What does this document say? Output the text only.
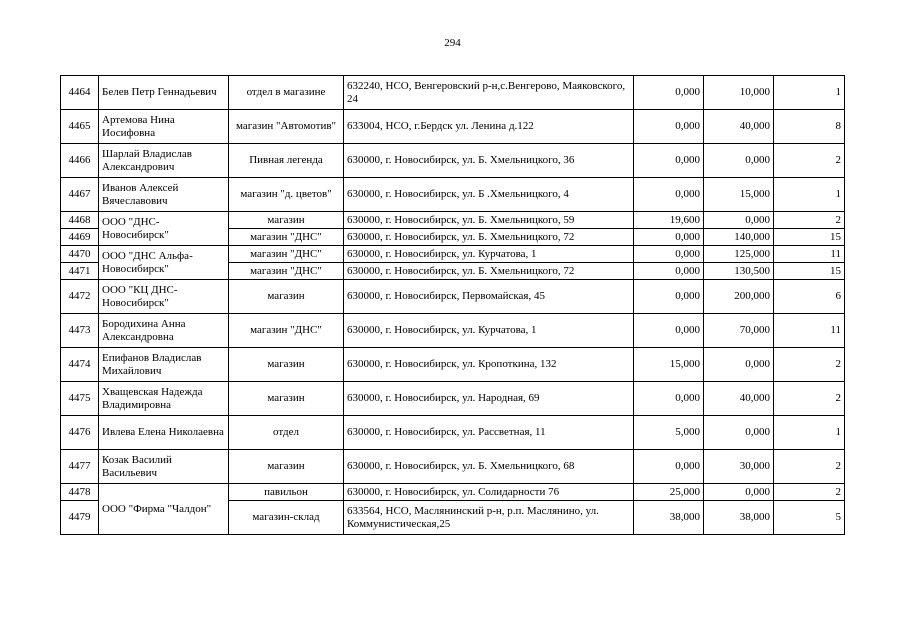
294
4464	Белев Петр Геннадьевич	отдел в магазине	632240, НСО, Венгеровский р-н,с.Венгерово, Маяковского, 24	0,000	10,000	1
4465	Артемова Нина Иосифовна	магазин "Автомотив"	633004, НСО, г.Бердск ул. Ленина д.122	0,000	40,000	8
4466	Шарлай Владислав Александрович	Пивная легенда	630000, г. Новосибирск, ул. Б. Хмельницкого, 36	0,000	0,000	2
4467	Иванов Алексей Вячеславович	магазин "д. цветов"	630000, г. Новосибирск, ул. Б .Хмельницкого, 4	0,000	15,000	1
4468	ООО "ДНС-Новосибирск"	магазин	630000, г. Новосибирск, ул. Б. Хмельницкого, 59	19,600	0,000	2
4469		магазин "ДНС"	630000, г. Новосибирск, ул. Б. Хмельницкого, 72	0,000	140,000	15
4470	ООО "ДНС Альфа-Новосибирск"	магазин "ДНС"	630000, г. Новосибирск, ул. Курчатова, 1	0,000	125,000	11
4471		магазин "ДНС"	630000, г. Новосибирск, ул. Б. Хмельницкого, 72	0,000	130,500	15
4472	ООО "КЦ ДНС-Новосибирск"	магазин	630000, г. Новосибирск, Первомайская, 45	0,000	200,000	6
4473	Бородихина Анна Александровна	магазин "ДНС"	630000, г. Новосибирск, ул. Курчатова, 1	0,000	70,000	11
4474	Епифанов Владислав Михайлович	магазин	630000, г. Новосибирск, ул. Кропоткина, 132	15,000	0,000	2
4475	Хващевская Надежда Владимировна	магазин	630000, г. Новосибирск, ул. Народная, 69	0,000	40,000	2
4476	Ивлева Елена Николаевна	отдел	630000, г. Новосибирск, ул. Рассветная, 11	5,000	0,000	1
4477	Козак Василий Васильевич	магазин	630000, г. Новосибирск, ул. Б. Хмельницкого, 68	0,000	30,000	2
4478	ООО "Фирма "Чалдон"	павильон	630000, г. Новосибирск, ул. Солидарности 76	25,000	0,000	2
4479		магазин-склад	633564, НСО, Маслянинский р-н, р.п. Маслянино, ул. Коммунистическая,25	38,000	38,000	5
